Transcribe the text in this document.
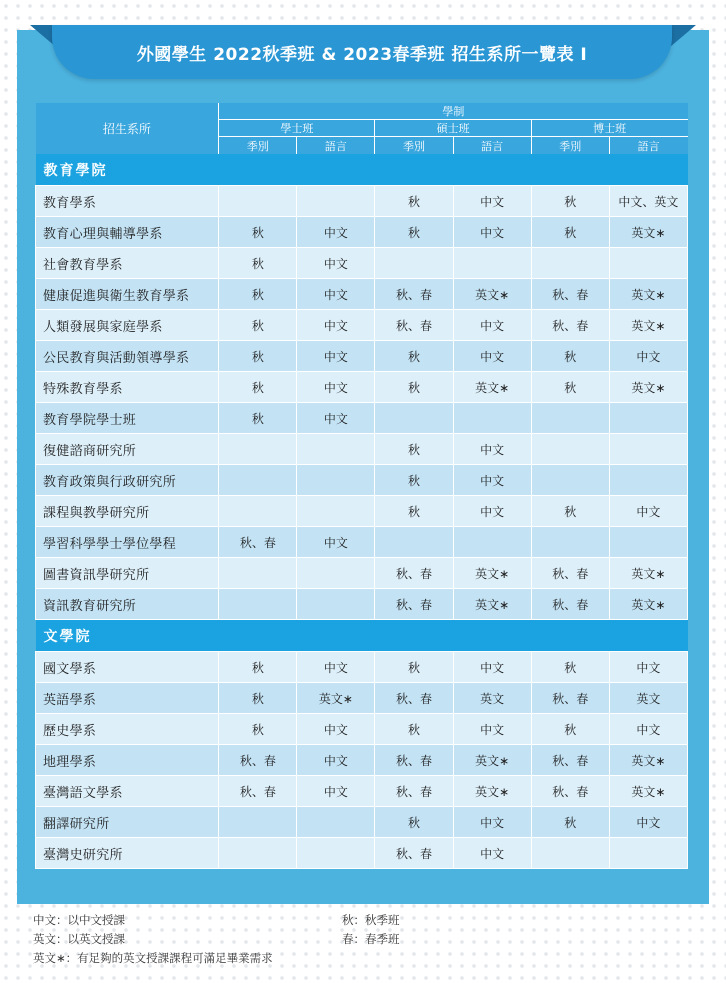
外國學生 2022秋季班 & 2023春季班 招生系所一覽表 I
招生系所	學制					
	學士班		碩士班		博士班	
	季別	語言	季別	語言	季別	語言
教育學院						
教育學系			秋	中文	秋	中文、英文
教育心理與輔導學系	秋	中文	秋	中文	秋	英文∗
社會教育學系	秋	中文				
健康促進與衛生教育學系	秋	中文	秋、春	英文∗	秋、春	英文∗
人類發展與家庭學系	秋	中文	秋、春	中文	秋、春	英文∗
公民教育與活動領導學系	秋	中文	秋	中文	秋	中文
特殊教育學系	秋	中文	秋	英文∗	秋	英文∗
教育學院學士班	秋	中文				
復健諮商研究所			秋	中文		
教育政策與行政研究所			秋	中文		
課程與教學研究所			秋	中文	秋	中文
學習科學學士學位學程	秋、春	中文				
圖書資訊學研究所			秋、春	英文∗	秋、春	英文∗
資訊教育研究所			秋、春	英文∗	秋、春	英文∗
文學院						
國文學系	秋	中文	秋	中文	秋	中文
英語學系	秋	英文∗	秋、春	英文	秋、春	英文
歷史學系	秋	中文	秋	中文	秋	中文
地理學系	秋、春	中文	秋、春	英文∗	秋、春	英文∗
臺灣語文學系	秋、春	中文	秋、春	英文∗	秋、春	英文∗
翻譯研究所			秋	中文	秋	中文
臺灣史研究所			秋、春	中文		
中文：以中文授課
英文：以英文授課
英文∗：有足夠的英文授課課程可滿足畢業需求
秋：秋季班
春：春季班
